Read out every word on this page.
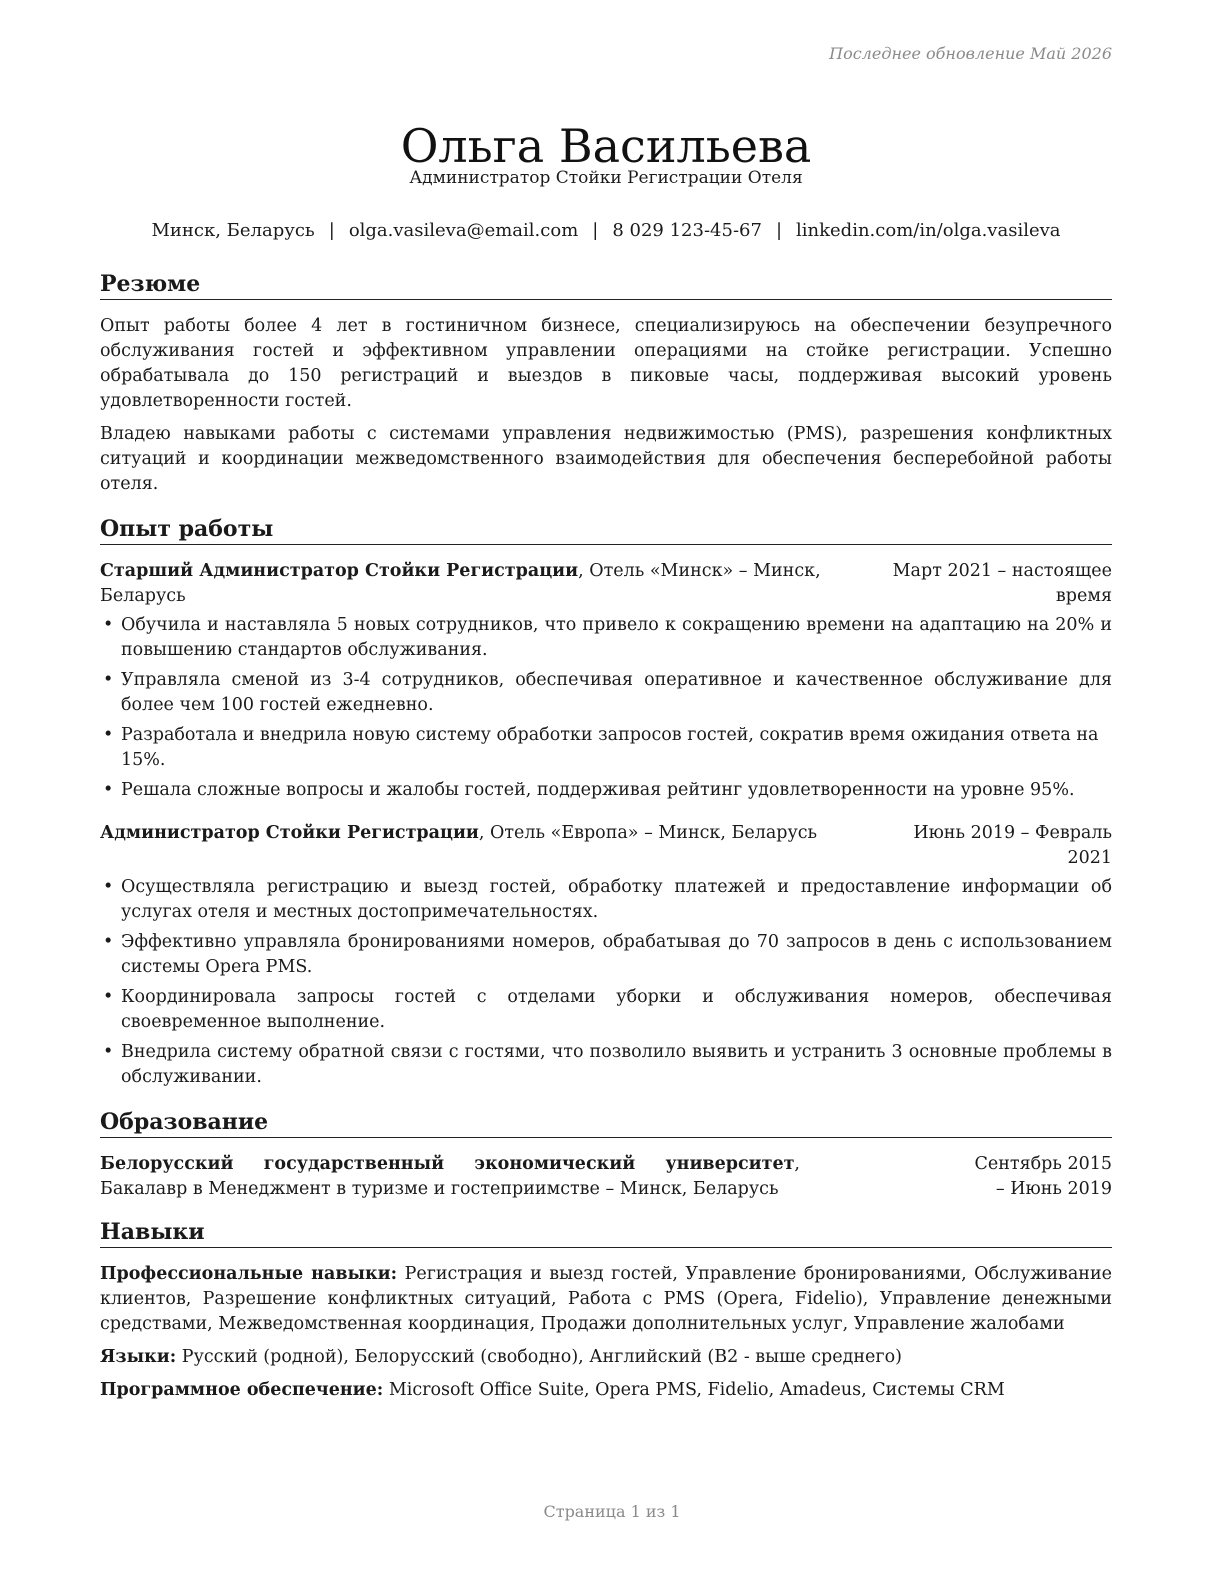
Последнее обновление Май 2026
Ольга Васильева
Администратор Стойки Регистрации Отеля
Минск, Беларусь | olga.vasileva@email.com | 8 029 123-45-67 | linkedin.com/in/olga.vasileva
Резюме

Опыт работы более 4 лет в гостиничном бизнесе, специализируюсь на обеспечении безупречного обслуживания гостей и эффективном управлении операциями на стойке регистрации. Успешно обрабатывала до 150 регистраций и выездов в пиковые часы, поддерживая высокий уровень удовлетворенности гостей.

Владею навыками работы с системами управления недвижимостью (PMS), разрешения конфликтных ситуаций и координации межведомственного взаимодействия для обеспечения бесперебойной работы отеля.

Опыт работы
Старший Администратор Стойки Регистрации, Отель «Минск» – Минск, Беларусь
Март 2021 – настоящее время
• Обучила и наставляла 5 новых сотрудников, что привело к сокращению времени на адаптацию на 20% и повышению стандартов обслуживания.
• Управляла сменой из 3-4 сотрудников, обеспечивая оперативное и качественное обслуживание для более чем 100 гостей ежедневно.
• Разработала и внедрила новую систему обработки запросов гостей, сократив время ожидания ответа на 15%.
• Решала сложные вопросы и жалобы гостей, поддерживая рейтинг удовлетворенности на уровне 95%.
Администратор Стойки Регистрации, Отель «Европа» – Минск, Беларусь	Июнь 2019 – Февраль 2021
• Осуществляла регистрацию и выезд гостей, обработку платежей и предоставление информации об услугах отеля и местных достопримечательностях.
• Эффективно управляла бронированиями номеров, обрабатывая до 70 запросов в день с использованием системы Opera PMS.
• Координировала запросы гостей с отделами уборки и обслуживания номеров, обеспечивая своевременное выполнение.
• Внедрила систему обратной связи с гостями, что позволило выявить и устранить 3 основные проблемы в обслуживании.
Образование
Белорусский государственный экономический университет, Бакалавр в Менеджмент в туризме и гостеприимстве – Минск, Беларусь
Сентябрь 2015 – Июнь 2019
Навыки
Профессиональные навыки: Регистрация и выезд гостей, Управление бронированиями, Обслуживание клиентов, Разрешение конфликтных ситуаций, Работа с PMS (Opera, Fidelio), Управление денежными средствами, Межведомственная координация, Продажи дополнительных услуг, Управление жалобами
Языки: Русский (родной), Белорусский (свободно), Английский (B2 - выше среднего)
Программное обеспечение: Microsoft Office Suite, Opera PMS, Fidelio, Amadeus, Системы CRM
Страница 1 из 1
